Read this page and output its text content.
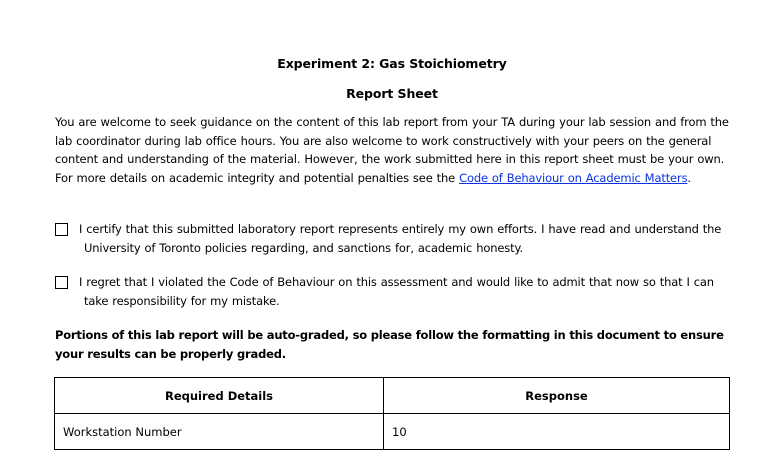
Experiment 2: Gas Stoichiometry
Report Sheet

You are welcome to seek guidance on the content of this lab report from your TA during your lab session and from the lab coordinator during lab office hours. You are also welcome to work constructively with your peers on the general content and understanding of the material. However, the work submitted here in this report sheet must be your own. For more details on academic integrity and potential penalties see the Code of Behaviour on Academic Matters.

I certify that this submitted laboratory report represents entirely my own efforts. I have read and understand the
University of Toronto policies regarding, and sanctions for, academic honesty.
I regret that I violated the Code of Behaviour on this assessment and would like to admit that now so that I can
take responsibility for my mistake.
Portions of this lab report will be auto-graded, so please follow the formatting in this document to ensure your results can be properly graded.
Required Details	Response
Workstation Number	10
